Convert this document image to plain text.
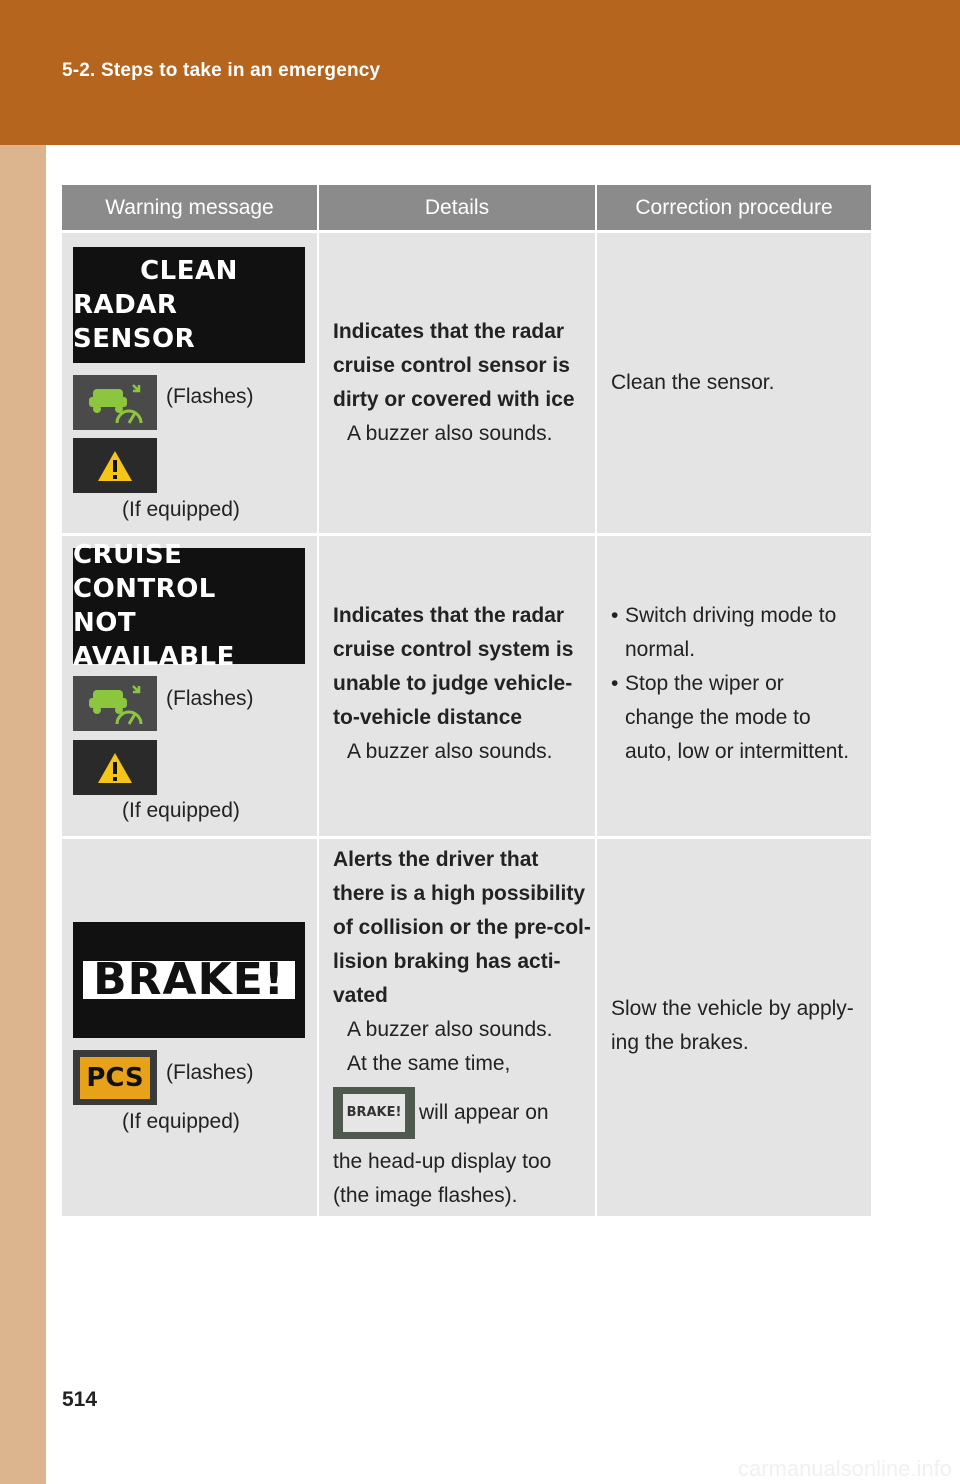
5-2. Steps to take in an emergency
Warning message	Details	Correction procedure
CLEAN
RADAR SENSOR
(Flashes)
(If equipped)
Indicates that the radar
cruise control sensor is
dirty or covered with ice
A buzzer also sounds.
Clean the sensor.
CRUISE CONTROL
NOT AVAILABLE
(Flashes)
(If equipped)
Indicates that the radar
cruise control system is
unable to judge vehicle-
to-vehicle distance
A buzzer also sounds.
• Switch driving mode to
normal.
• Stop the wiper or
change the mode to
auto, low or intermittent.
BRAKE!
PCS (Flashes)
(If equipped)
Alerts the driver that
there is a high possibility
of collision or the pre-col-
lision braking has acti-
vated
A buzzer also sounds.
At the same time,
BRAKE! will appear on
the head-up display too
(the image flashes).
Slow the vehicle by apply-
ing the brakes.
514
carmanualsonline.info
